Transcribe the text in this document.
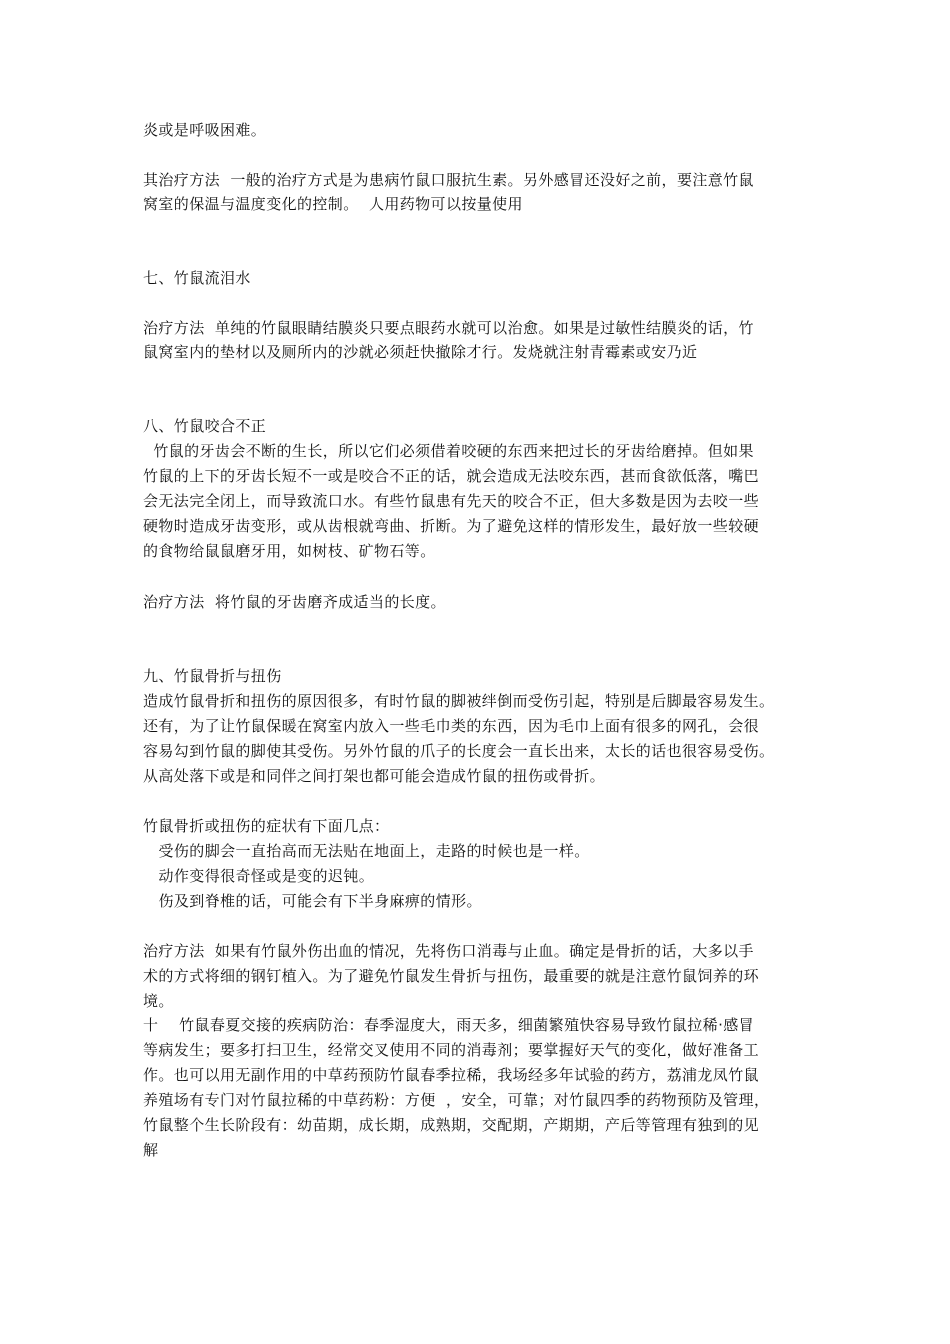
炎或是呼吸困难。
其治疗方法  一般的治疗方式是为患病竹鼠口服抗生素。另外感冒还没好之前，要注意竹鼠
窝室的保温与温度变化的控制。  人用药物可以按量使用
七、竹鼠流泪水
治疗方法  单纯的竹鼠眼睛结膜炎只要点眼药水就可以治愈。如果是过敏性结膜炎的话，竹
鼠窝室内的垫材以及厕所内的沙就必须赶快撤除才行。发烧就注射青霉素或安乃近
八、竹鼠咬合不正
竹鼠的牙齿会不断的生长，所以它们必须借着咬硬的东西来把过长的牙齿给磨掉。但如果
竹鼠的上下的牙齿长短不一或是咬合不正的话，就会造成无法咬东西，甚而食欲低落，嘴巴
会无法完全闭上，而导致流口水。有些竹鼠患有先天的咬合不正，但大多数是因为去咬一些
硬物时造成牙齿变形，或从齿根就弯曲、折断。为了避免这样的情形发生，最好放一些较硬
的食物给鼠鼠磨牙用，如树枝、矿物石等。
治疗方法  将竹鼠的牙齿磨齐成适当的长度。
九、竹鼠骨折与扭伤
造成竹鼠骨折和扭伤的原因很多，有时竹鼠的脚被绊倒而受伤引起，特别是后脚最容易发生。
还有，为了让竹鼠保暖在窝室内放入一些毛巾类的东西，因为毛巾上面有很多的网孔，会很
容易勾到竹鼠的脚使其受伤。另外竹鼠的爪子的长度会一直长出来，太长的话也很容易受伤。
从高处落下或是和同伴之间打架也都可能会造成竹鼠的扭伤或骨折。
竹鼠骨折或扭伤的症状有下面几点：
受伤的脚会一直抬高而无法贴在地面上，走路的时候也是一样。
动作变得很奇怪或是变的迟钝。
伤及到脊椎的话，可能会有下半身麻痹的情形。
治疗方法  如果有竹鼠外伤出血的情况，先将伤口消毒与止血。确定是骨折的话，大多以手
术的方式将细的钢钉植入。为了避免竹鼠发生骨折与扭伤，最重要的就是注意竹鼠饲养的环
境。
十    竹鼠春夏交接的疾病防治：春季湿度大，雨天多，细菌繁殖快容易导致竹鼠拉稀·感冒
等病发生；要多打扫卫生，经常交叉使用不同的消毒剂；要掌握好天气的变化，做好准备工
作。也可以用无副作用的中草药预防竹鼠春季拉稀，我场经多年试验的药方，荔浦龙凤竹鼠
养殖场有专门对竹鼠拉稀的中草药粉：方便  ，安全，可靠；对竹鼠四季的药物预防及管理，
竹鼠整个生长阶段有：幼苗期，成长期，成熟期，交配期，产期期，产后等管理有独到的见
解
